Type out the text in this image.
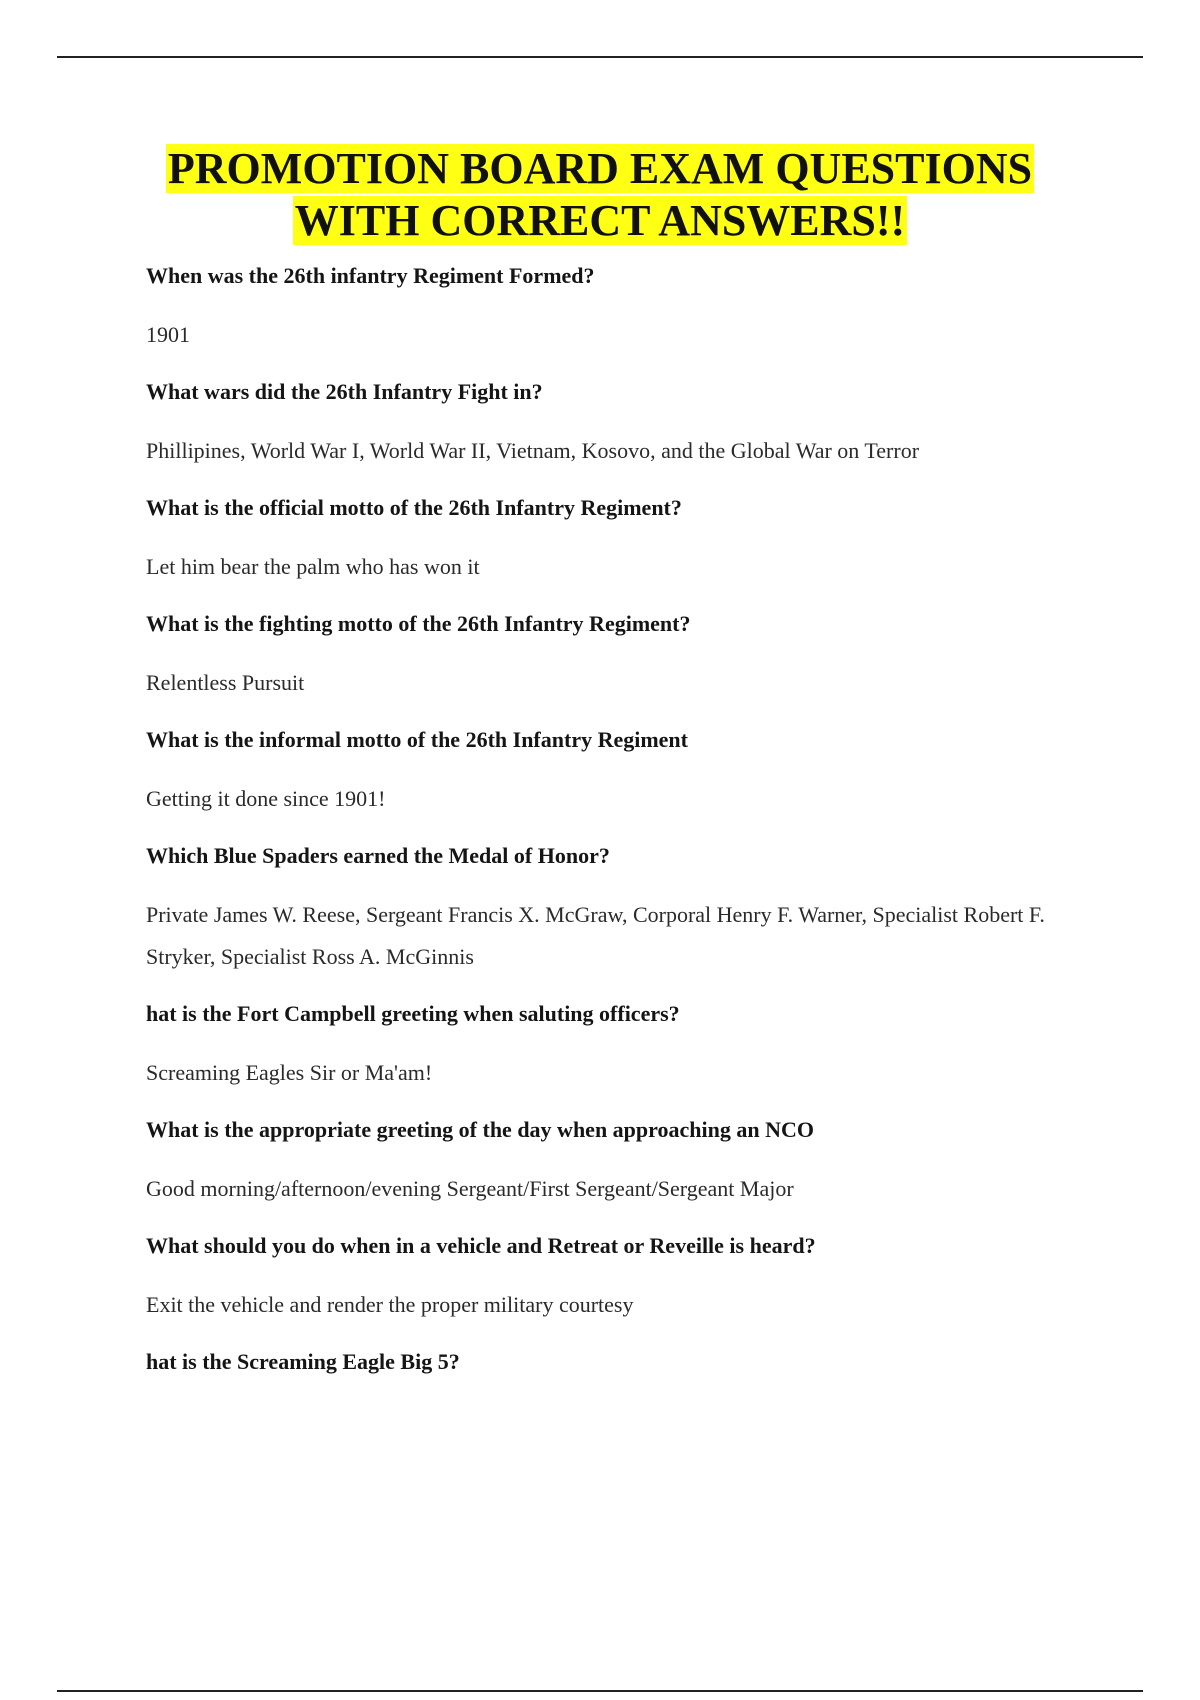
PROMOTION BOARD EXAM QUESTIONS
WITH CORRECT ANSWERS!!
When was the 26th infantry Regiment Formed?
1901
What wars did the 26th Infantry Fight in?
Phillipines, World War I, World War II, Vietnam, Kosovo, and the Global War on Terror
What is the official motto of the 26th Infantry Regiment?
Let him bear the palm who has won it
What is the fighting motto of the 26th Infantry Regiment?
Relentless Pursuit
What is the informal motto of the 26th Infantry Regiment
Getting it done since 1901!
Which Blue Spaders earned the Medal of Honor?
Private James W. Reese, Sergeant Francis X. McGraw, Corporal Henry F. Warner, Specialist Robert F. Stryker, Specialist Ross A. McGinnis
hat is the Fort Campbell greeting when saluting officers?
Screaming Eagles Sir or Ma'am!
What is the appropriate greeting of the day when approaching an NCO
Good morning/afternoon/evening Sergeant/First Sergeant/Sergeant Major
What should you do when in a vehicle and Retreat or Reveille is heard?
Exit the vehicle and render the proper military courtesy
hat is the Screaming Eagle Big 5?
